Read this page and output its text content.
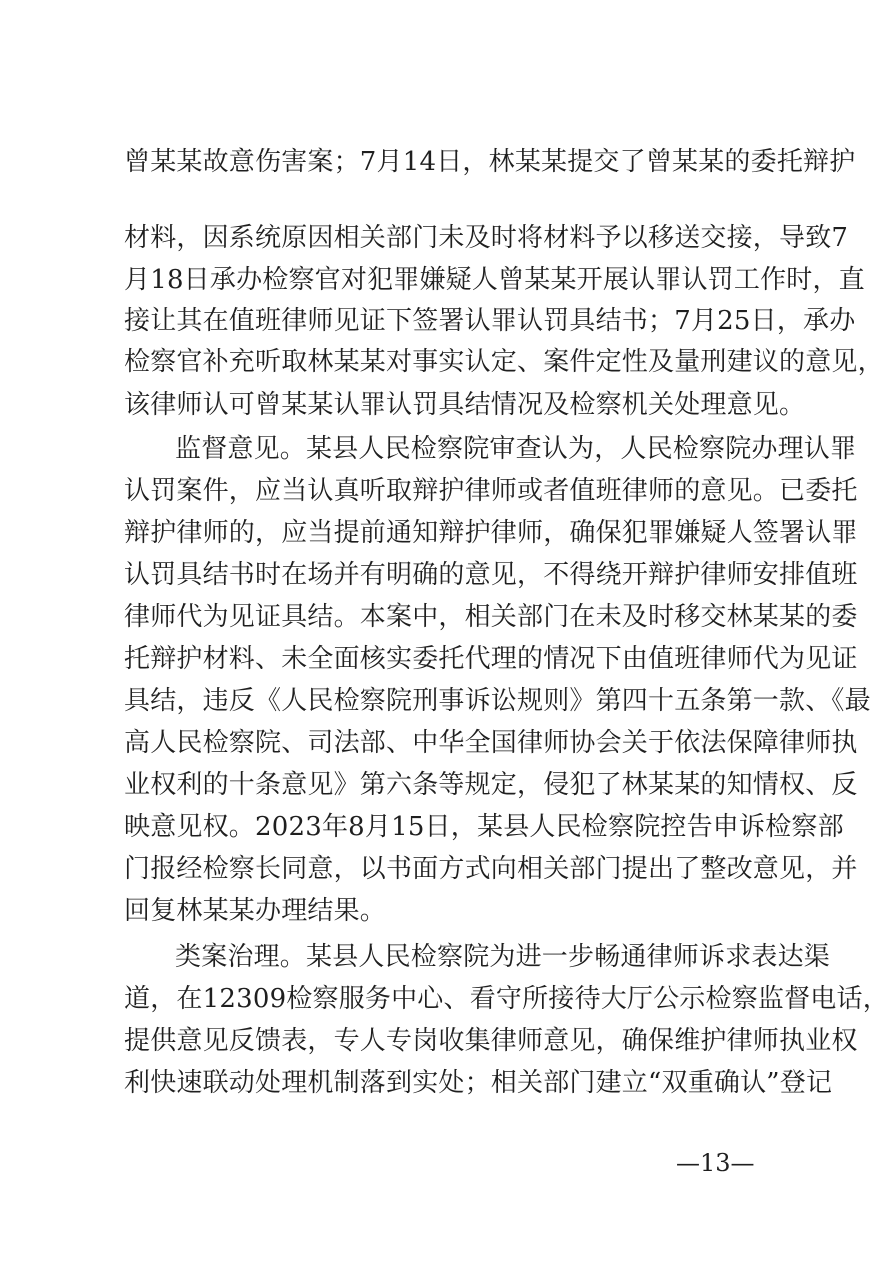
曾某某故意伤害案；7月14日，林某某提交了曾某某的委托辩护
材料，因系统原因相关部门未及时将材料予以移送交接，导致7
月18日承办检察官对犯罪嫌疑人曾某某开展认罪认罚工作时，直
接让其在值班律师见证下签署认罪认罚具结书；7月25日，承办
检察官补充听取林某某对事实认定、案件定性及量刑建议的意见，
该律师认可曾某某认罪认罚具结情况及检察机关处理意见。
监督意见。某县人民检察院审查认为，人民检察院办理认罪
认罚案件，应当认真听取辩护律师或者值班律师的意见。已委托
辩护律师的，应当提前通知辩护律师，确保犯罪嫌疑人签署认罪
认罚具结书时在场并有明确的意见，不得绕开辩护律师安排值班
律师代为见证具结。本案中，相关部门在未及时移交林某某的委
托辩护材料、未全面核实委托代理的情况下由值班律师代为见证
具结，违反《人民检察院刑事诉讼规则》第四十五条第一款、《最
高人民检察院、司法部、中华全国律师协会关于依法保障律师执
业权利的十条意见》第六条等规定，侵犯了林某某的知情权、反
映意见权。2023年8月15日，某县人民检察院控告申诉检察部
门报经检察长同意，以书面方式向相关部门提出了整改意见，并
回复林某某办理结果。
类案治理。某县人民检察院为进一步畅通律师诉求表达渠
道，在12309检察服务中心、看守所接待大厅公示检察监督电话，
提供意见反馈表，专人专岗收集律师意见，确保维护律师执业权
利快速联动处理机制落到实处；相关部门建立“双重确认”登记
—13—
